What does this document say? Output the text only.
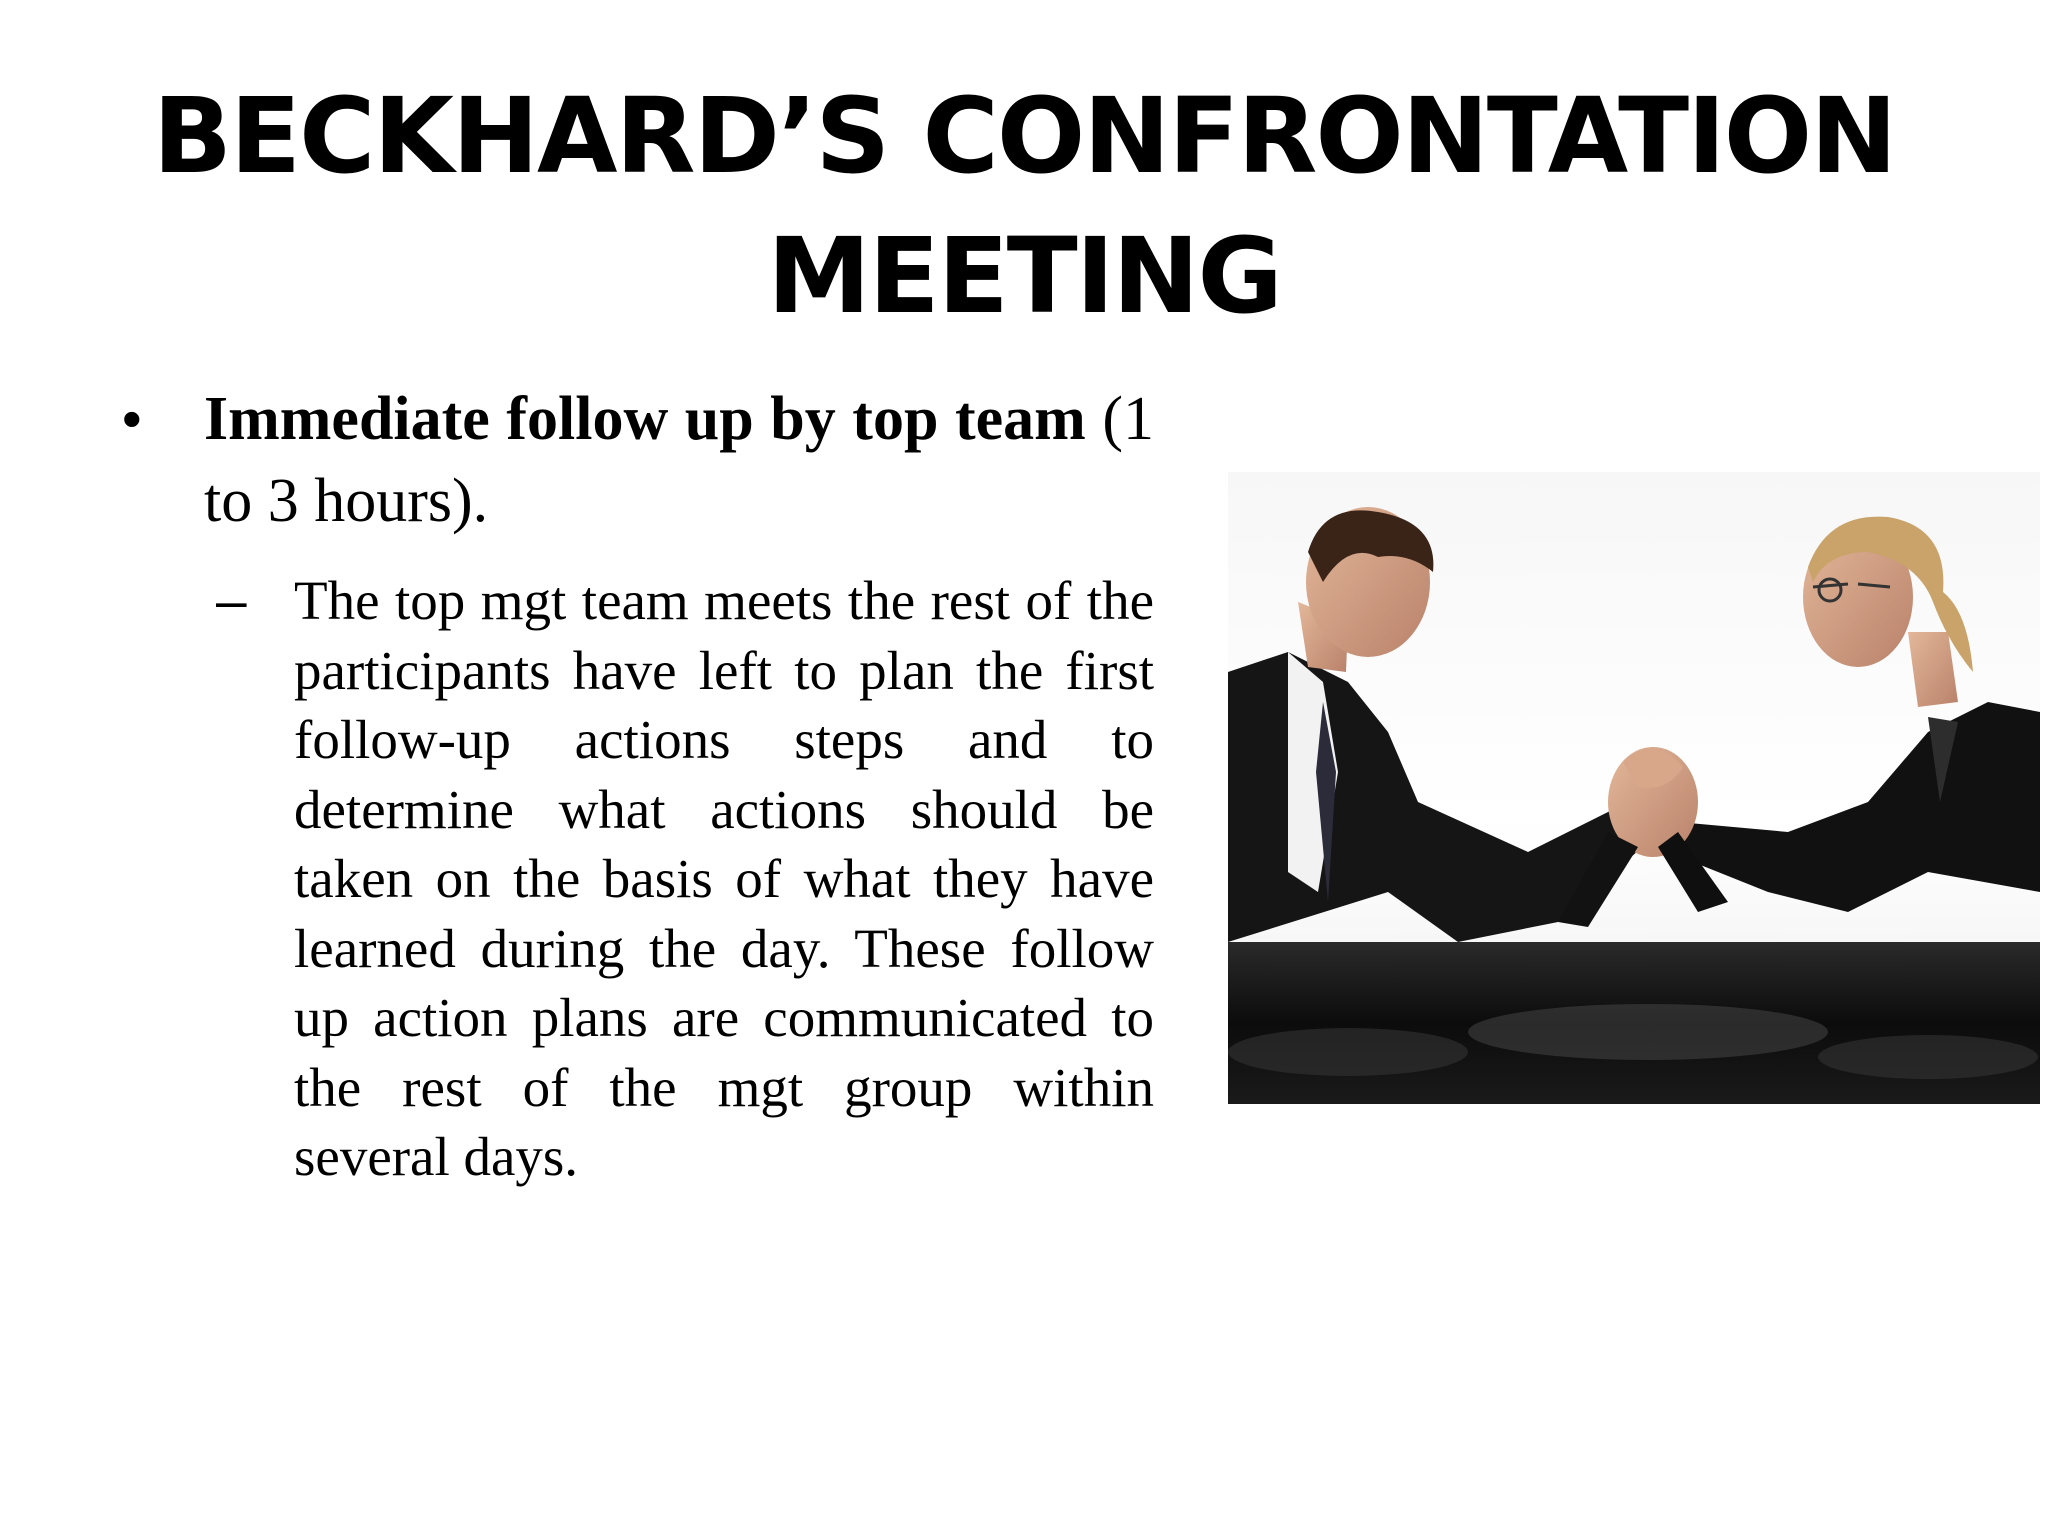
BECKHARD’S CONFRONTATION
MEETING
• Immediate follow up by top team (1 to 3 hours).
– The top mgt team meets the rest of the participants have left to plan the first follow-up actions steps and to determine what actions should be taken on the basis of what they have learned during the day. These follow up action plans are communicated to the rest of the mgt group within several days.
